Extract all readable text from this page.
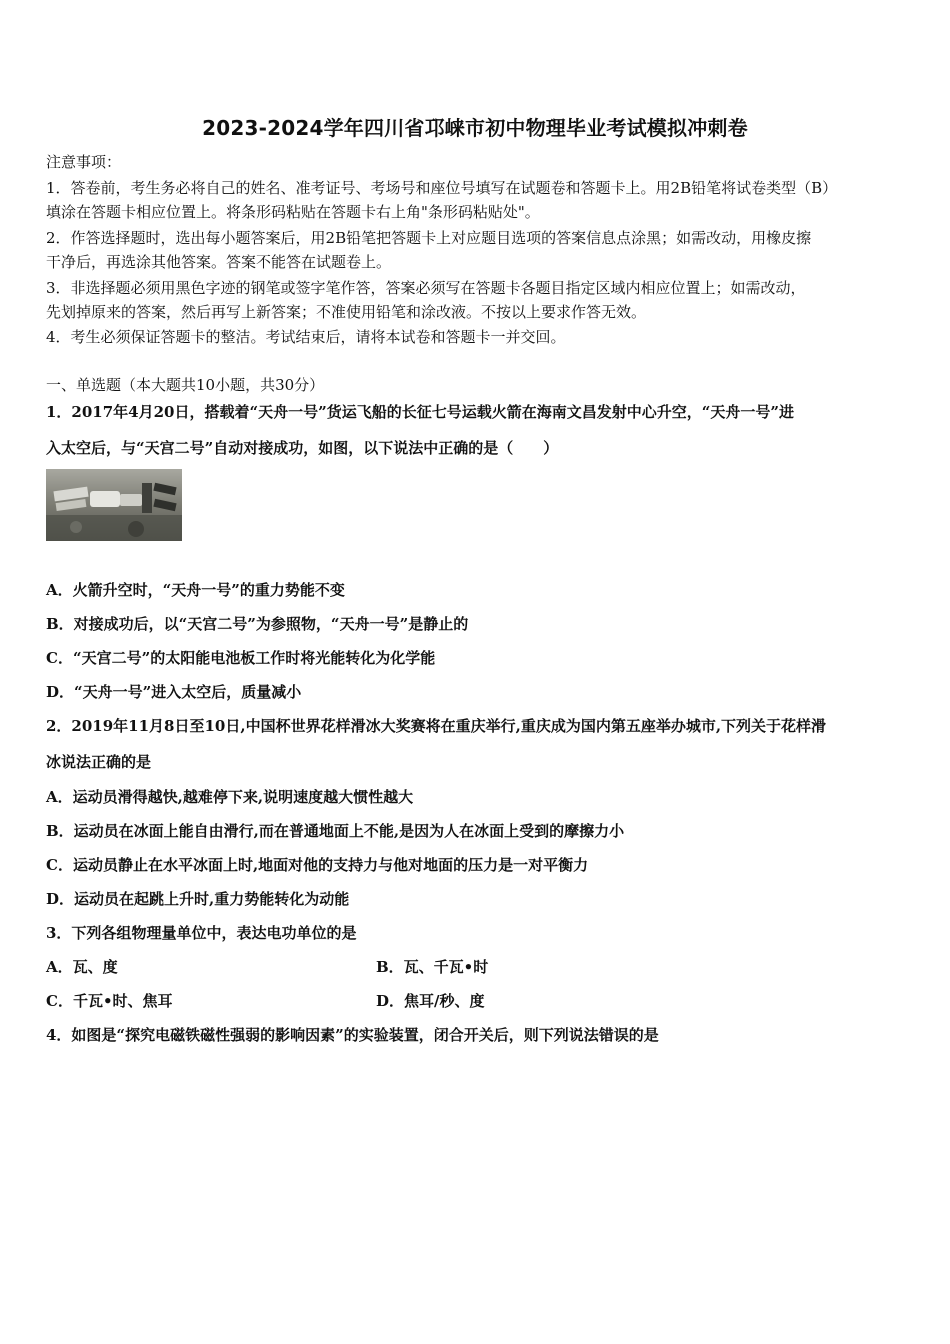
2023-2024学年四川省邛崃市初中物理毕业考试模拟冲刺卷
注意事项：
1．答卷前，考生务必将自己的姓名、准考证号、考场号和座位号填写在试题卷和答题卡上。用2B铅笔将试卷类型（B）
填涂在答题卡相应位置上。将条形码粘贴在答题卡右上角"条形码粘贴处"。
2．作答选择题时，选出每小题答案后，用2B铅笔把答题卡上对应题目选项的答案信息点涂黑；如需改动，用橡皮擦
干净后，再选涂其他答案。答案不能答在试题卷上。
3．非选择题必须用黑色字迹的钢笔或签字笔作答，答案必须写在答题卡各题目指定区域内相应位置上；如需改动，
先划掉原来的答案，然后再写上新答案；不准使用铅笔和涂改液。不按以上要求作答无效。
4．考生必须保证答题卡的整洁。考试结束后，请将本试卷和答题卡一并交回。
一、单选题（本大题共10小题，共30分）
1．2017年4月20日，搭载着“天舟一号”货运飞船的长征七号运载火箭在海南文昌发射中心升空，“天舟一号”进
入太空后，与“天宫二号”自动对接成功，如图，以下说法中正确的是（　　）
A．火箭升空时，“天舟一号”的重力势能不变
B．对接成功后，以“天宫二号”为参照物，“天舟一号”是静止的
C．“天宫二号”的太阳能电池板工作时将光能转化为化学能
D．“天舟一号”进入太空后，质量减小
2．2019年11月8日至10日,中国杯世界花样滑冰大奖赛将在重庆举行,重庆成为国内第五座举办城市,下列关于花样滑
冰说法正确的是
A．运动员滑得越快,越难停下来,说明速度越大惯性越大
B．运动员在冰面上能自由滑行,而在普通地面上不能,是因为人在冰面上受到的摩擦力小
C．运动员静止在水平冰面上时,地面对他的支持力与他对地面的压力是一对平衡力
D．运动员在起跳上升时,重力势能转化为动能
3．下列各组物理量单位中，表达电功单位的是
A．瓦、度	B．瓦、千瓦•时
C．千瓦•时、焦耳	D．焦耳/秒、度
4．如图是“探究电磁铁磁性强弱的影响因素”的实验装置，闭合开关后，则下列说法错误的是
